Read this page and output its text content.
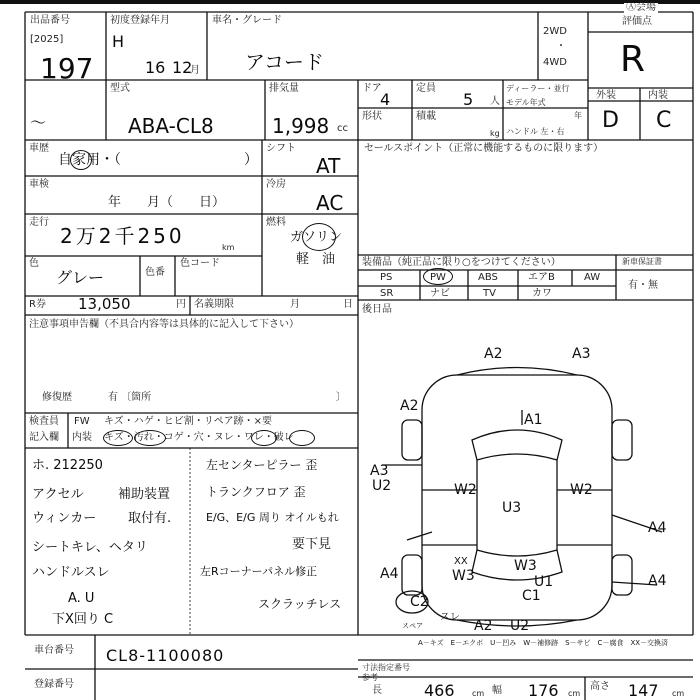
出品番号
[2025]
197
初度登録年月
H
16 12
月
車名・グレード
アコード
Ⓐ会場
2WD
・
4WD
評価点
R
外装	内装
D C
型式
〜	ABA-CL8
排気量
1,998 cc
ドア
4
形状
定員
5 人
積載
kg
ディーラー・並行
モデル年式
年
ハンドル 左・右
車歴
自家用・（	）
車検
年　　月（　　日）
走行
2万2千250	km
色
グレー	色番
色コード
シフト
AT
冷房
AC
燃料
ガソリン
軽　油
R券 13,050	円 名義期限	月	日
セールスポイント（正常に機能するものに限ります）
装備品（純正品に限り○をつけてください）
PS	PW	ABS	エアB	AW
SR	ナビ	TV	カワ
新車保証書
有・無
後日品
注意事項申告欄（不具合内容等は具体的に記入して下さい）
修復歴	有 〔箇所	〕
検査員
記入欄
FW キズ・ハゲ・ヒビ割・リペア跡・×要
内装 キズ・汚れ・コゲ・穴・ヌレ・ワレ・破レ
ホ. 212250
アクセル	補助装置
ウィンカー 取付有.
シートキレ、ヘタリ
ハンドルスレ
A. U
下X回り C
左センターピラー 歪
トランクフロア 歪
E/G、E/G 周り オイルもれ
要下見
左Rコーナーパネル修正
スクラッチレス
A2	A3
A2
A1
A3
U2	W2	W2
U3
A4
W3
U1
C1
A4	A4
W3
XX
C2
A2 U2
スレ
スペア
A－キズ　E－エクボ　U－凹み　W－補修跡　S－サビ　C－腐食　XX－交換済
寸法指定番号
参考
長	466 cm 幅 176 cm
高さ 147 cm
車台番号 CL8-1100080
登録番号
